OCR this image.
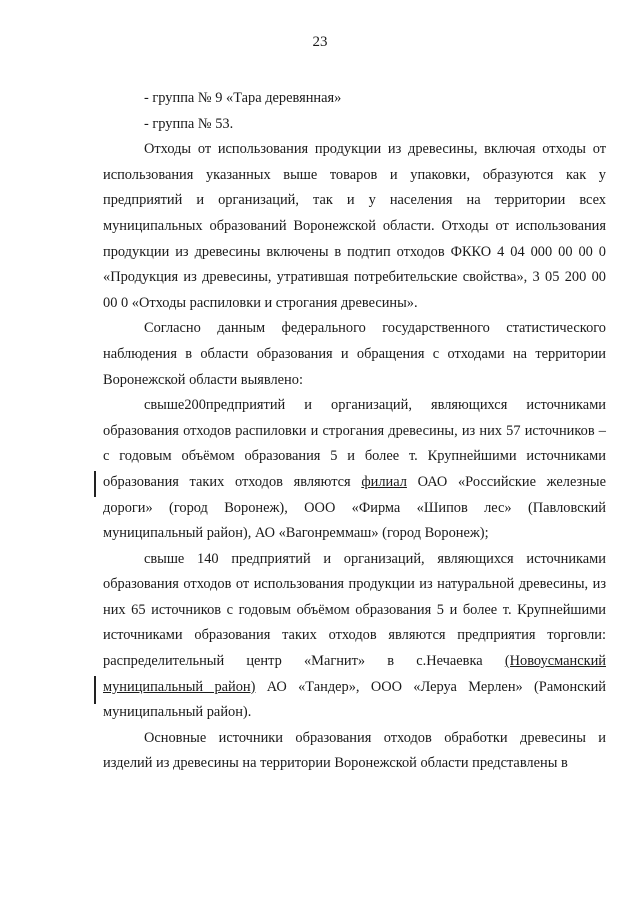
23

- группа № 9 «Тара деревянная»

- группа № 53.

Отходы от использования продукции из древесины, включая отходы от использования указанных выше товаров и упаковки, образуются как у предприятий и организаций, так и у населения на территории всех муниципальных образований Воронежской области. Отходы от использования продукции из древесины включены в подтип отходов ФККО 4 04 000 00 00 0 «Продукция из древесины, утратившая потребительские свойства», 3 05 200 00 00 0 «Отходы распиловки и строгания древесины».

Согласно данным федерального государственного статистического наблюдения в области образования и обращения с отходами на территории Воронежской области выявлено:

свыше200предприятий и организаций, являющихся источниками образования отходов распиловки и строгания древесины, из них 57 источников – с годовым объёмом образования 5 и более т. Крупнейшими источниками образования таких отходов являются филиал ОАО «Российские железные дороги» (город Воронеж), ООО «Фирма «Шипов лес» (Павловский муниципальный район), АО «Вагонреммаш» (город Воронеж);

свыше 140 предприятий и организаций, являющихся источниками образования отходов от использования продукции из натуральной древесины, из них 65 источников с годовым объёмом образования 5 и более т. Крупнейшими источниками образования таких отходов являются предприятия торговли: распределительный центр «Магнит» в с.Нечаевка (Новоусманский муниципальный район) АО «Тандер», ООО «Леруа Мерлен» (Рамонский муниципальный район).

Основные источники образования отходов обработки древесины и изделий из древесины на территории Воронежской области представлены в
